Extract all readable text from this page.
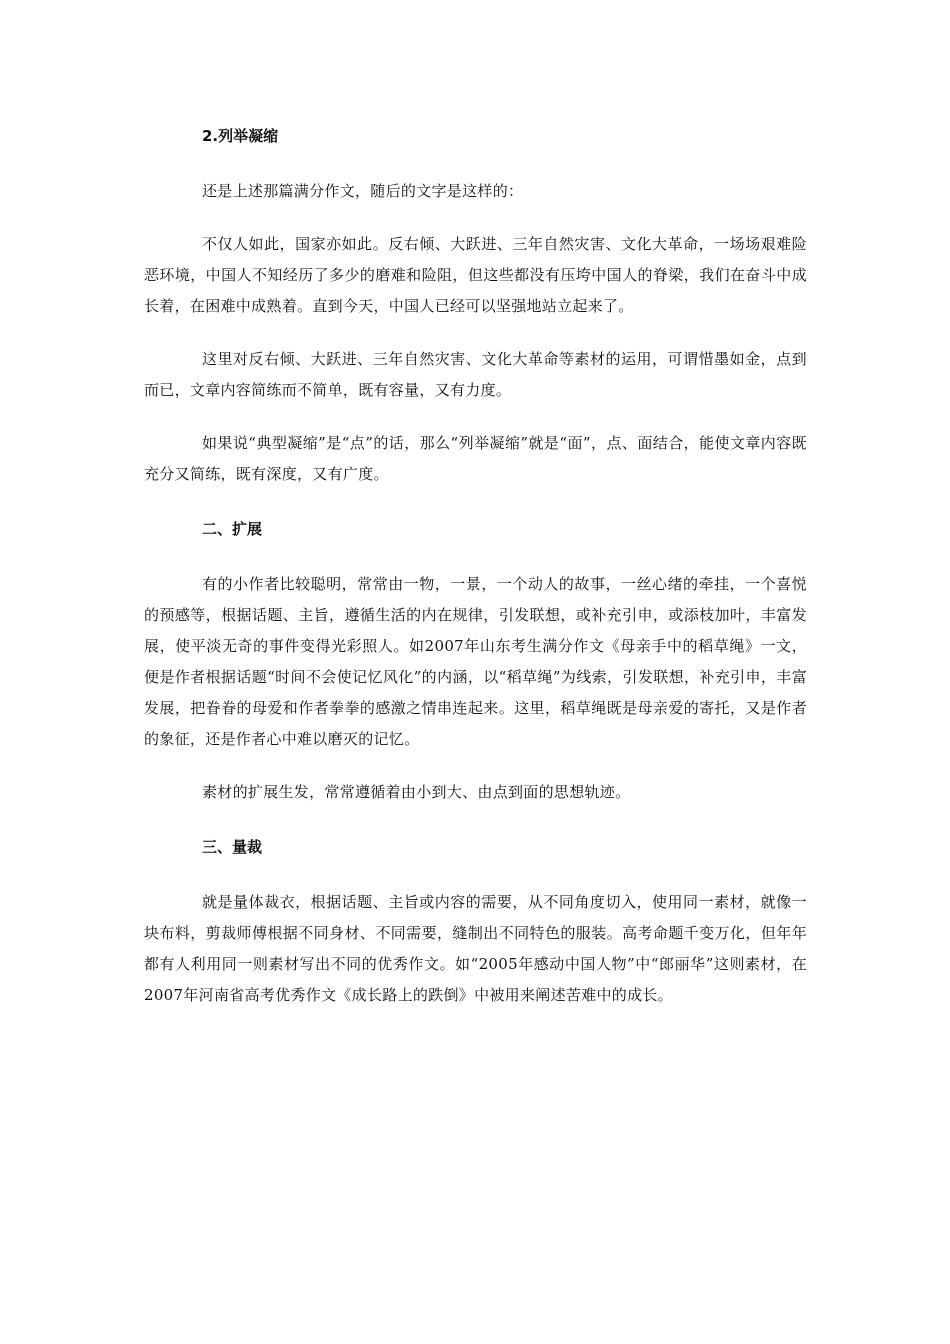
2.列举凝缩

还是上述那篇满分作文，随后的文字是这样的：

不仅人如此，国家亦如此。反右倾、大跃进、三年自然灾害、文化大革命，一场场艰难险恶环境，中国人不知经历了多少的磨难和险阻，但这些都没有压垮中国人的脊梁，我们在奋斗中成长着，在困难中成熟着。直到今天，中国人已经可以坚强地站立起来了。

这里对反右倾、大跃进、三年自然灾害、文化大革命等素材的运用，可谓惜墨如金，点到而已，文章内容简练而不简单，既有容量，又有力度。

如果说“典型凝缩”是“点”的话，那么“列举凝缩”就是“面”，点、面结合，能使文章内容既充分又简练，既有深度，又有广度。

二、扩展

有的小作者比较聪明，常常由一物，一景，一个动人的故事，一丝心绪的牵挂，一个喜悦的预感等，根据话题、主旨，遵循生活的内在规律，引发联想，或补充引申，或添枝加叶，丰富发展，使平淡无奇的事件变得光彩照人。如2007年山东考生满分作文《母亲手中的稻草绳》一文，便是作者根据话题“时间不会使记忆风化”的内涵，以“稻草绳”为线索，引发联想，补充引申，丰富发展，把眷眷的母爱和作者拳拳的感激之情串连起来。这里，稻草绳既是母亲爱的寄托，又是作者的象征，还是作者心中难以磨灭的记忆。

素材的扩展生发，常常遵循着由小到大、由点到面的思想轨迹。

三、量裁

就是量体裁衣，根据话题、主旨或内容的需要，从不同角度切入，使用同一素材，就像一块布料，剪裁师傅根据不同身材、不同需要，缝制出不同特色的服装。高考命题千变万化，但年年都有人利用同一则素材写出不同的优秀作文。如“2005年感动中国人物”中“郎丽华”这则素材，在2007年河南省高考优秀作文《成长路上的跌倒》中被用来阐述苦难中的成长。
